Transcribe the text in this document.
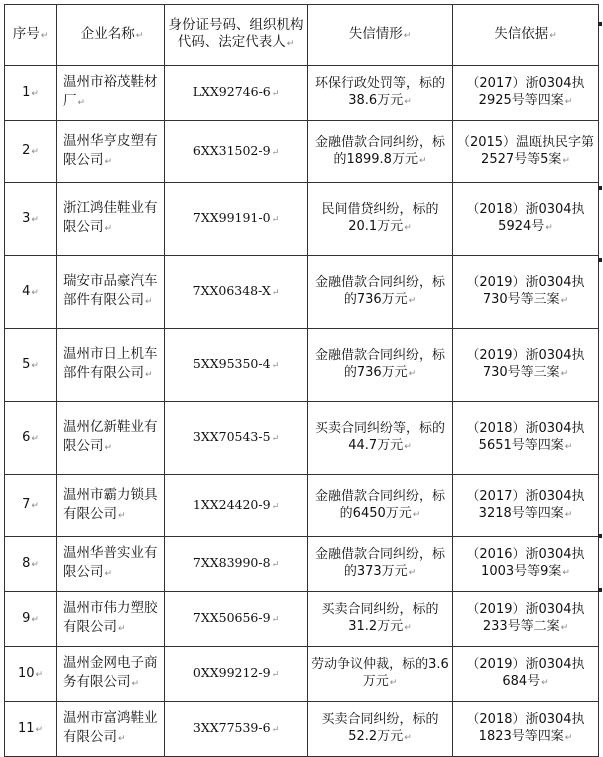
序号↵	企业名称↵	身份证号码、组织机构代码、法定代表人↵	失信情形↵	失信依据↵
1↵	温州市裕茂鞋材厂↵	LXX92746-6↵	环保行政处罚等，标的38.6万元↵	（2017）浙0304执2925号等四案↵
2↵	温州华亨皮塑有限公司↵	6XX31502-9↵	金融借款合同纠纷，标的1899.8万元↵	（2015）温瓯执民字第2527号等5案↵
3↵	浙江鸿佳鞋业有限公司↵	7XX99191-0↵	民间借贷纠纷，标的20.1万元↵	（2018）浙0304执5924号↵
4↵	瑞安市品豪汽车部件有限公司↵	7XX06348-X↵	金融借款合同纠纷，标的736万元↵	（2019）浙0304执730号等三案↵
5↵	温州市日上机车部件有限公司↵	5XX95350-4↵	金融借款合同纠纷，标的736万元↵	（2019）浙0304执730号等三案↵
6↵	温州亿新鞋业有限公司↵	3XX70543-5↵	买卖合同纠纷等，标的44.7万元↵	（2018）浙0304执5651号等四案↵
7↵	温州市霸力锁具有限公司↵	1XX24420-9↵	金融借款合同纠纷，标的6450万元↵	（2017）浙0304执3218号等四案↵
8↵	温州华普实业有限公司↵	7XX83990-8↵	金融借款合同纠纷，标的373万元↵	（2016）浙0304执1003号等9案↵
9↵	温州市伟力塑胶有限公司↵	7XX50656-9↵	买卖合同纠纷，标的31.2万元↵	（2019）浙0304执233号等二案↵
10↵	温州金网电子商务有限公司↵	0XX99212-9↵	劳动争议仲裁，标的3.6万元↵	（2019）浙0304执684号↵
11↵	温州市富鸿鞋业有限公司↵	3XX77539-6↵	买卖合同纠纷，标的52.2万元↵	（2018）浙0304执1823号等四案↵
